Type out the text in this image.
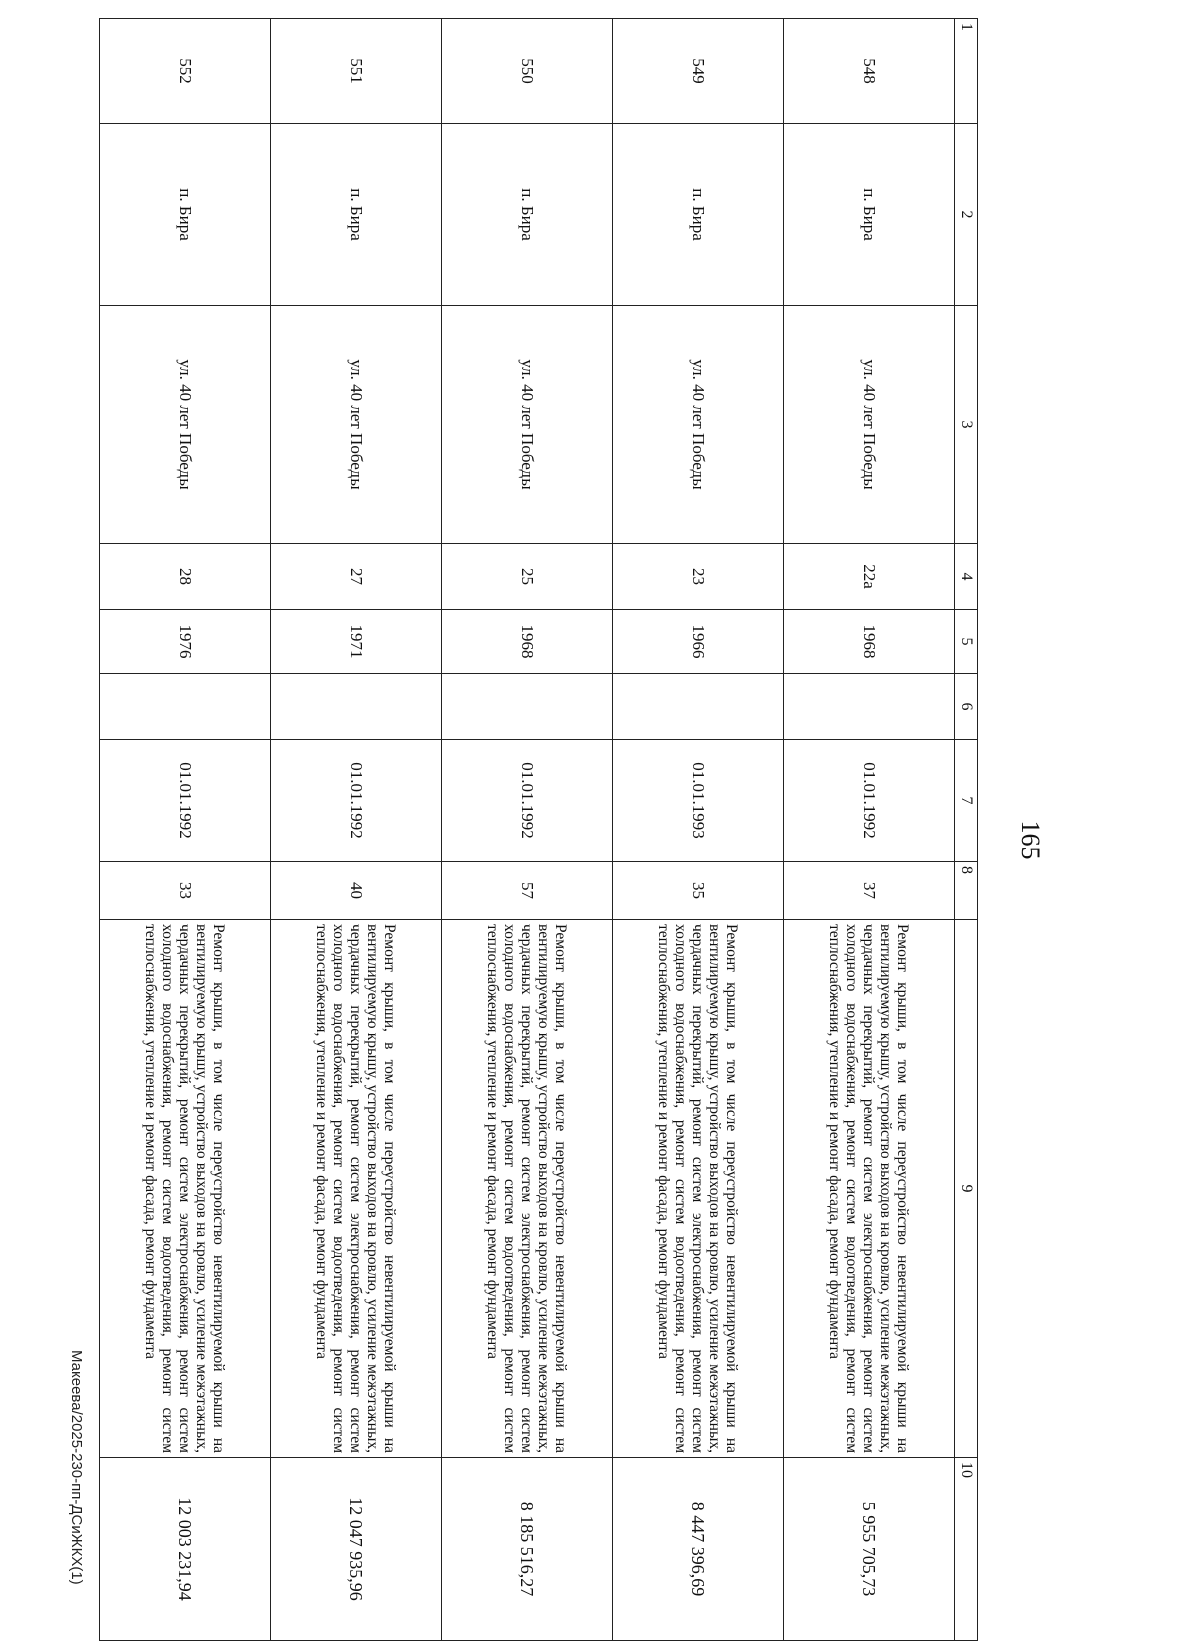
165
1	2	3	4	5	6	7	8	9	10
548	п. Бира	ул. 40 лет Победы	22а	1968		01.01.1992	37	Ремонт крыши, в том числе переустройство невентилируемой крыши на вентилируемую крышу, устройство выходов на кровлю, усиление межэтажных, чердачных перекрытий, ремонт систем электроснабжения, ремонт систем холодного водоснабжения, ремонт систем водоотведения, ремонт систем теплоснабжения, утепление и ремонт фасада, ремонт фундамента	5 955 705,73
549	п. Бира	ул. 40 лет Победы	23	1966		01.01.1993	35	Ремонт крыши, в том числе переустройство невентилируемой крыши на вентилируемую крышу, устройство выходов на кровлю, усиление межэтажных, чердачных перекрытий, ремонт систем электроснабжения, ремонт систем холодного водоснабжения, ремонт систем водоотведения, ремонт систем теплоснабжения, утепление и ремонт фасада, ремонт фундамента	8 447 396,69
550	п. Бира	ул. 40 лет Победы	25	1968		01.01.1992	57	Ремонт крыши, в том числе переустройство невентилируемой крыши на вентилируемую крышу, устройство выходов на кровлю, усиление межэтажных, чердачных перекрытий, ремонт систем электроснабжения, ремонт систем холодного водоснабжения, ремонт систем водоотведения, ремонт систем теплоснабжения, утепление и ремонт фасада, ремонт фундамента	8 185 516,27
551	п. Бира	ул. 40 лет Победы	27	1971		01.01.1992	40	Ремонт крыши, в том числе переустройство невентилируемой крыши на вентилируемую крышу, устройство выходов на кровлю, усиление межэтажных, чердачных перекрытий, ремонт систем электроснабжения, ремонт систем холодного водоснабжения, ремонт систем водоотведения, ремонт систем теплоснабжения, утепление и ремонт фасада, ремонт фундамента	12 047 935,96
552	п. Бира	ул. 40 лет Победы	28	1976		01.01.1992	33	Ремонт крыши, в том числе переустройство невентилируемой крыши на вентилируемую крышу, устройство выходов на кровлю, усиление межэтажных, чердачных перекрытий, ремонт систем электроснабжения, ремонт систем холодного водоснабжения, ремонт систем водоотведения, ремонт систем теплоснабжения, утепление и ремонт фасада, ремонт фундамента	12 003 231,94
Макеева/2025-230-пп-ДСиЖКХ(1)
